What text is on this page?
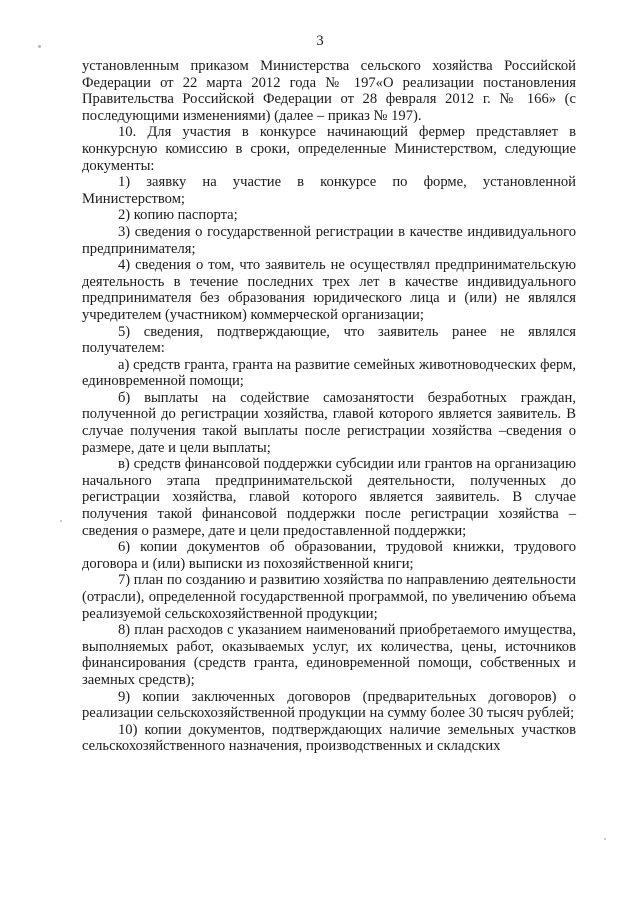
3

установленным приказом Министерства сельского хозяйства Российской Федерации от 22 марта 2012 года № 197«О реализации постановления Правительства Российской Федерации от 28 февраля 2012 г. № 166» (с последующими изменениями) (далее – приказ № 197).

10. Для участия в конкурсе начинающий фермер представляет в конкурсную комиссию в сроки, определенные Министерством, следующие документы:

1) заявку на участие в конкурсе по форме, установленной Министерством;

2) копию паспорта;

3) сведения о государственной регистрации в качестве индивидуального предпринимателя;

4) сведения о том, что заявитель не осуществлял предпринимательскую деятельность в течение последних трех лет в качестве индивидуального предпринимателя без образования юридического лица и (или) не являлся учредителем (участником) коммерческой организации;

5) сведения, подтверждающие, что заявитель ранее не являлся получателем:

а) средств гранта, гранта на развитие семейных животноводческих ферм, единовременной помощи;

б) выплаты на содействие самозанятости безработных граждан, полученной до регистрации хозяйства, главой которого является заявитель. В случае получения такой выплаты после регистрации хозяйства –сведения о размере, дате и цели выплаты;

в) средств финансовой поддержки субсидии или грантов на организацию начального этапа предпринимательской деятельности, полученных до регистрации хозяйства, главой которого является заявитель. В случае получения такой финансовой поддержки после регистрации хозяйства – сведения о размере, дате и цели предоставленной поддержки;

6) копии документов об образовании, трудовой книжки, трудового договора и (или) выписки из похозяйственной книги;

7) план по созданию и развитию хозяйства по направлению деятельности (отрасли), определенной государственной программой, по увеличению объема реализуемой сельскохозяйственной продукции;

8) план расходов с указанием наименований приобретаемого имущества, выполняемых работ, оказываемых услуг, их количества, цены, источников финансирования (средств гранта, единовременной помощи, собственных и заемных средств);

9) копии заключенных договоров (предварительных договоров) о реализации сельскохозяйственной продукции на сумму более 30 тысяч рублей;

10) копии документов, подтверждающих наличие земельных участков сельскохозяйственного назначения, производственных и складских
